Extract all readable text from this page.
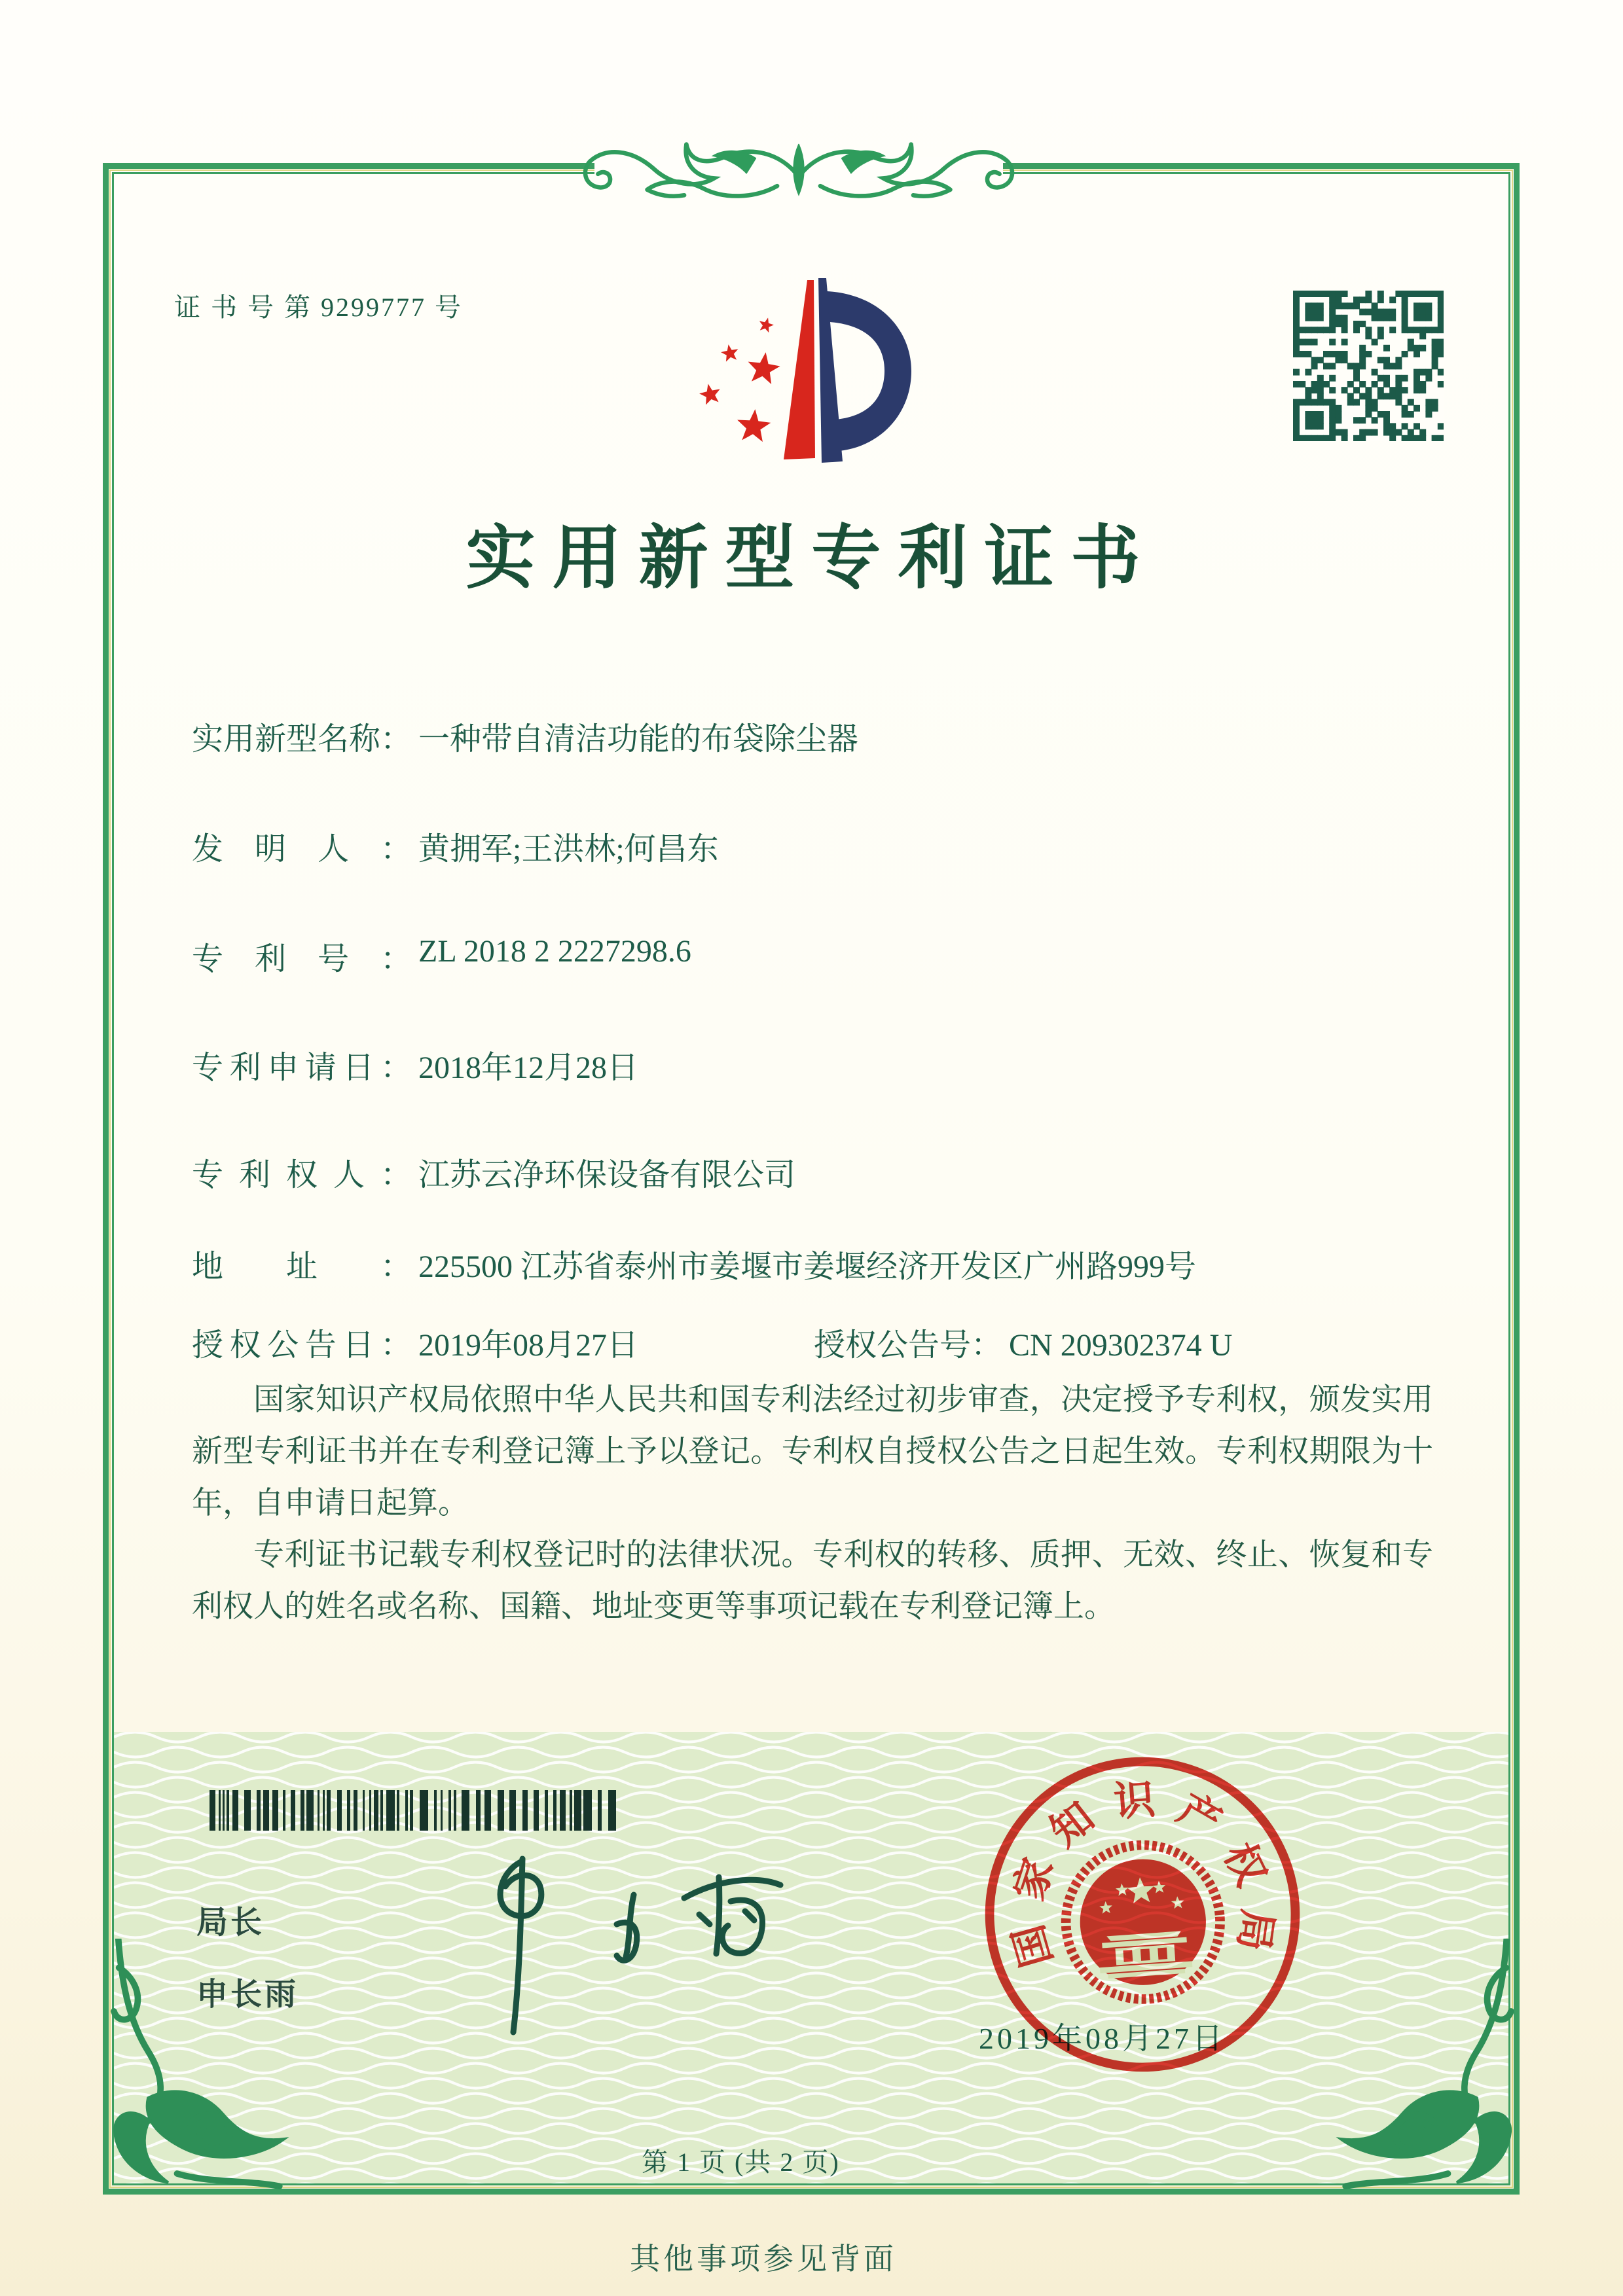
证 书 号 第 9299777 号
实用新型专利证书
实用新型名称： 一种带自清洁功能的布袋除尘器
发明人： 黄拥军;王洪林;何昌东
专利号： ZL 2018 2 2227298.6
专利申请日： 2018年12月28日
专利权人： 江苏云净环保设备有限公司
地址： 225500 江苏省泰州市姜堰市姜堰经济开发区广州路999号
授权公告日： 2019年08月27日	授权公告号： CN 209302374 U

国家知识产权局依照中华人民共和国专利法经过初步审查，决定授予专利权，颁发实用新型专利证书并在专利登记簿上予以登记。专利权自授权公告之日起生效。专利权期限为十年，自申请日起算。

专利证书记载专利权登记时的法律状况。专利权的转移、质押、无效、终止、恢复和专利权人的姓名或名称、国籍、地址变更等事项记载在专利登记簿上。

局长
申长雨
2019年08月27日
国
家
知 识 产
权
局
第 1 页 (共 2 页)
其他事项参见背面
